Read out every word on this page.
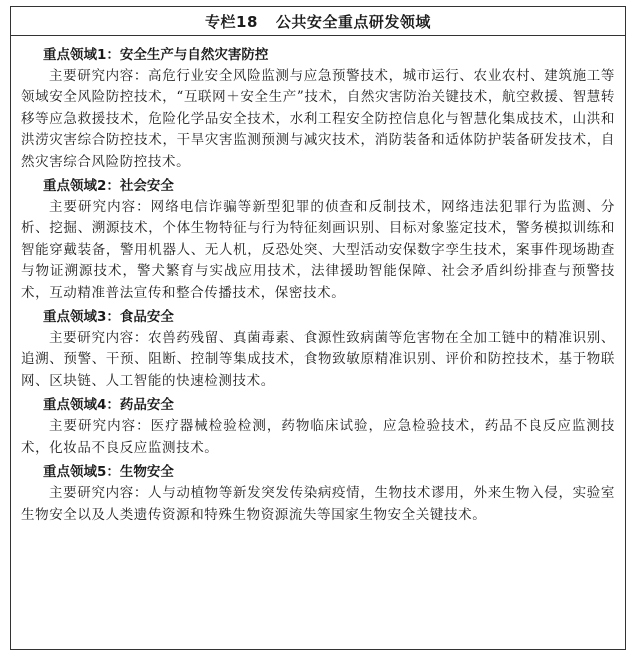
专栏18 公共安全重点研发领域
重点领域1：安全生产与自然灾害防控

主要研究内容：高危行业安全风险监测与应急预警技术，城市运行、农业农村、建筑施工等领域安全风险防控技术，“互联网＋安全生产”技术，自然灾害防治关键技术，航空救援、智慧转移等应急救援技术，危险化学品安全技术，水利工程安全防控信息化与智慧化集成技术，山洪和洪涝灾害综合防控技术，干旱灾害监测预测与减灾技术，消防装备和适体防护装备研发技术，自然灾害综合风险防控技术。

重点领域2：社会安全

主要研究内容：网络电信诈骗等新型犯罪的侦查和反制技术，网络违法犯罪行为监测、分析、挖掘、溯源技术，个体生物特征与行为特征刻画识别、目标对象鉴定技术，警务模拟训练和智能穿戴装备，警用机器人、无人机，反恐处突、大型活动安保数字孪生技术，案事件现场勘查与物证溯源技术，警犬繁育与实战应用技术，法律援助智能保障、社会矛盾纠纷排查与预警技术，互动精准普法宣传和整合传播技术，保密技术。

重点领域3：食品安全

主要研究内容：农兽药残留、真菌毒素、食源性致病菌等危害物在全加工链中的精准识别、追溯、预警、干预、阻断、控制等集成技术，食物致敏原精准识别、评价和防控技术，基于物联网、区块链、人工智能的快速检测技术。

重点领域4：药品安全

主要研究内容：医疗器械检验检测，药物临床试验，应急检验技术，药品不良反应监测技术，化妆品不良反应监测技术。

重点领域5：生物安全

主要研究内容：人与动植物等新发突发传染病疫情，生物技术谬用，外来生物入侵，实验室生物安全以及人类遗传资源和特殊生物资源流失等国家生物安全关键技术。
